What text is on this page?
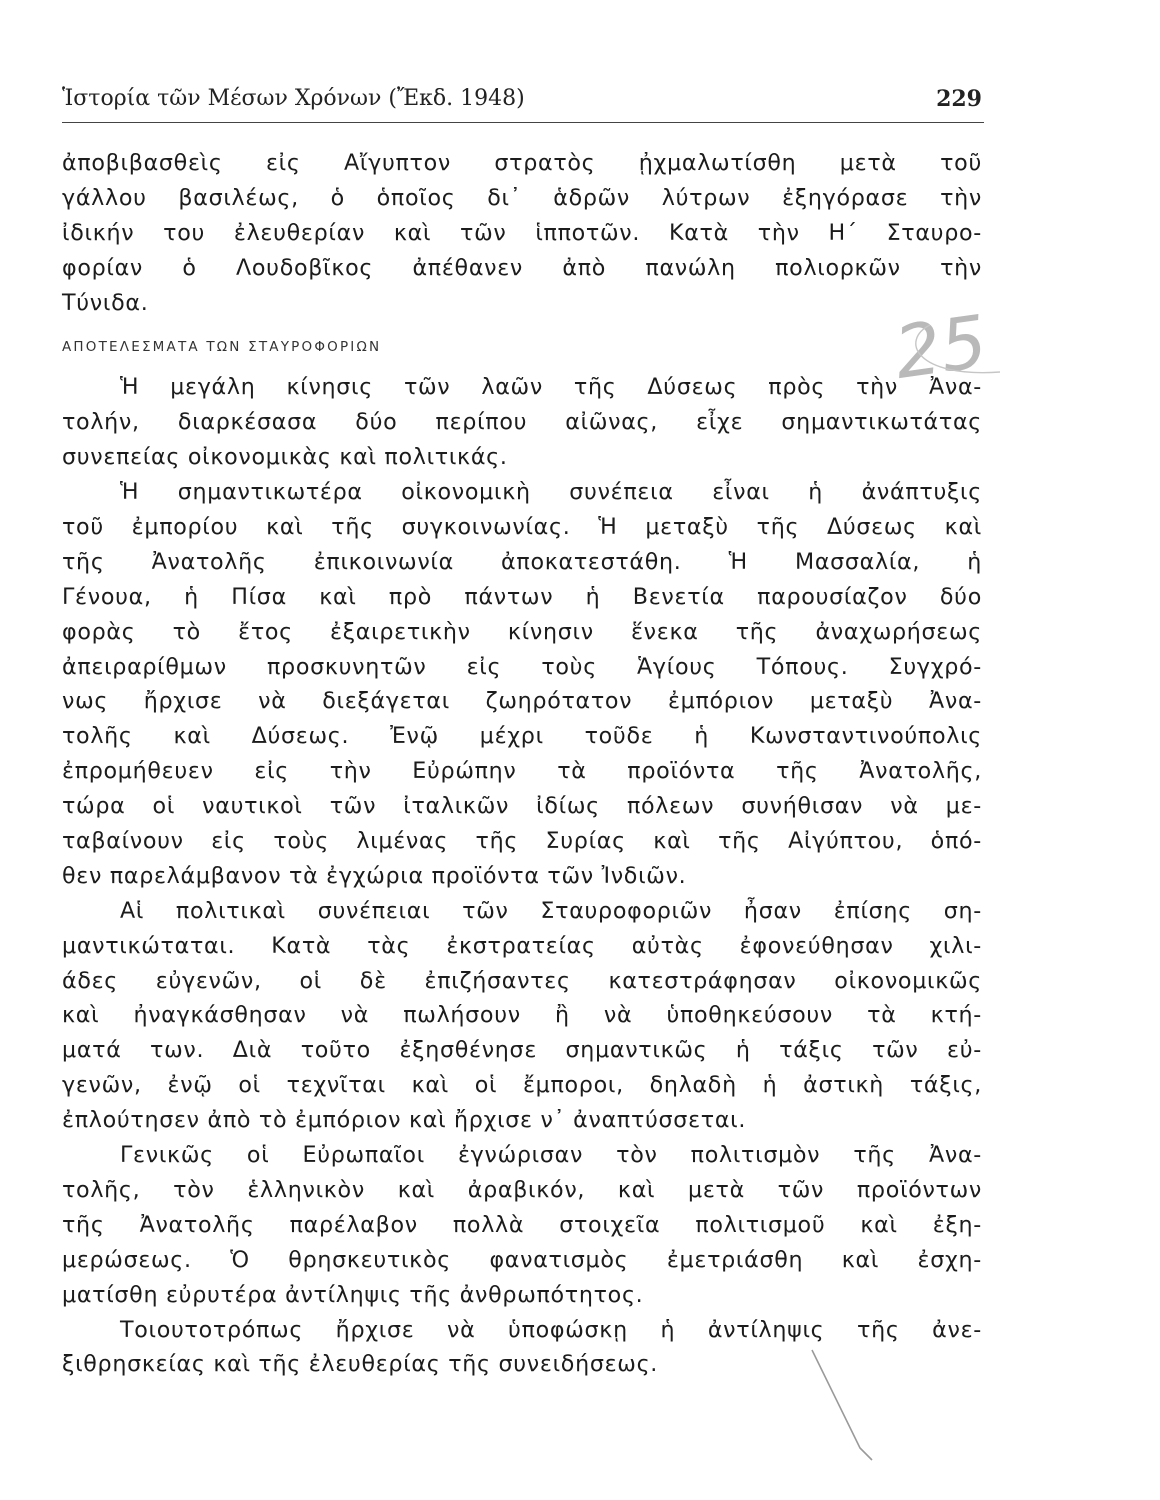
Ἱστορία τῶν Μέσων Χρόνων (Ἔκδ. 1948)	229
25
ἀποβιβασθεὶς εἰς Αἴγυπτον στρατὸς ᾐχμαλωτίσθη μετὰ τοῦ
γάλλου βασιλέως, ὁ ὁποῖος δι᾿ ἁδρῶν λύτρων ἐξηγόρασε τὴν
ἰδικήν του ἐλευθερίαν καὶ τῶν ἱπποτῶν. Κατὰ τὴν Η΄ Σταυρο-
φορίαν ὁ Λουδοβῖκος ἀπέθανεν ἀπὸ πανώλη πολιορκῶν τὴν
Τύνιδα.
ΑΠΟΤΕΛΕΣΜΑΤΑ ΤΩΝ ΣΤΑΥΡΟΦΟΡΙΩΝ
Ἡ μεγάλη κίνησις τῶν λαῶν τῆς Δύσεως πρὸς τὴν Ἀνα-
τολήν, διαρκέσασα δύο περίπου αἰῶνας, εἶχε σημαντικωτάτας
συνεπείας οἰκονομικὰς καὶ πολιτικάς.
Ἡ σημαντικωτέρα οἰκονομικὴ συνέπεια εἶναι ἡ ἀνάπτυξις
τοῦ ἐμπορίου καὶ τῆς συγκοινωνίας. Ἡ μεταξὺ τῆς Δύσεως καὶ
τῆς Ἀνατολῆς ἐπικοινωνία ἀποκατεστάθη. Ἡ Μασσαλία, ἡ
Γένουα, ἡ Πίσα καὶ πρὸ πάντων ἡ Βενετία παρουσίαζον δύο
φορὰς τὸ ἔτος ἐξαιρετικὴν κίνησιν ἕνεκα τῆς ἀναχωρήσεως
ἀπειραρίθμων προσκυνητῶν εἰς τοὺς Ἁγίους Τόπους. Συγχρό-
νως ἤρχισε νὰ διεξάγεται ζωηρότατον ἐμπόριον μεταξὺ Ἀνα-
τολῆς καὶ Δύσεως. Ἐνῷ μέχρι τοῦδε ἡ Κωνσταντινούπολις
ἐπρομήθευεν εἰς τὴν Εὐρώπην τὰ προϊόντα τῆς Ἀνατολῆς,
τώρα οἱ ναυτικοὶ τῶν ἰταλικῶν ἰδίως πόλεων συνήθισαν νὰ με-
ταβαίνουν εἰς τοὺς λιμένας τῆς Συρίας καὶ τῆς Αἰγύπτου, ὁπό-
θεν παρελάμβανον τὰ ἐγχώρια προϊόντα τῶν Ἰνδιῶν.
Αἱ πολιτικαὶ συνέπειαι τῶν Σταυροφοριῶν ἦσαν ἐπίσης ση-
μαντικώταται. Κατὰ τὰς ἐκστρατείας αὐτὰς ἐφονεύθησαν χιλι-
άδες εὐγενῶν, οἱ δὲ ἐπιζήσαντες κατεστράφησαν οἰκονομικῶς
καὶ ἠναγκάσθησαν νὰ πωλήσουν ἢ νὰ ὑποθηκεύσουν τὰ κτή-
ματά των. Διὰ τοῦτο ἐξησθένησε σημαντικῶς ἡ τάξις τῶν εὐ-
γενῶν, ἐνῷ οἱ τεχνῖται καὶ οἱ ἔμποροι, δηλαδὴ ἡ ἀστικὴ τάξις,
ἐπλούτησεν ἀπὸ τὸ ἐμπόριον καὶ ἤρχισε ν᾿ ἀναπτύσσεται.
Γενικῶς οἱ Εὐρωπαῖοι ἐγνώρισαν τὸν πολιτισμὸν τῆς Ἀνα-
τολῆς, τὸν ἑλληνικὸν καὶ ἀραβικόν, καὶ μετὰ τῶν προϊόντων
τῆς Ἀνατολῆς παρέλαβον πολλὰ στοιχεῖα πολιτισμοῦ καὶ ἐξη-
μερώσεως. Ὁ θρησκευτικὸς φανατισμὸς ἐμετριάσθη καὶ ἐσχη-
ματίσθη εὐρυτέρα ἀντίληψις τῆς ἀνθρωπότητος.
Τοιουτοτρόπως ἤρχισε νὰ ὑποφώσκῃ ἡ ἀντίληψις τῆς ἀνε-
ξιθρησκείας καὶ τῆς ἐλευθερίας τῆς συνειδήσεως.
